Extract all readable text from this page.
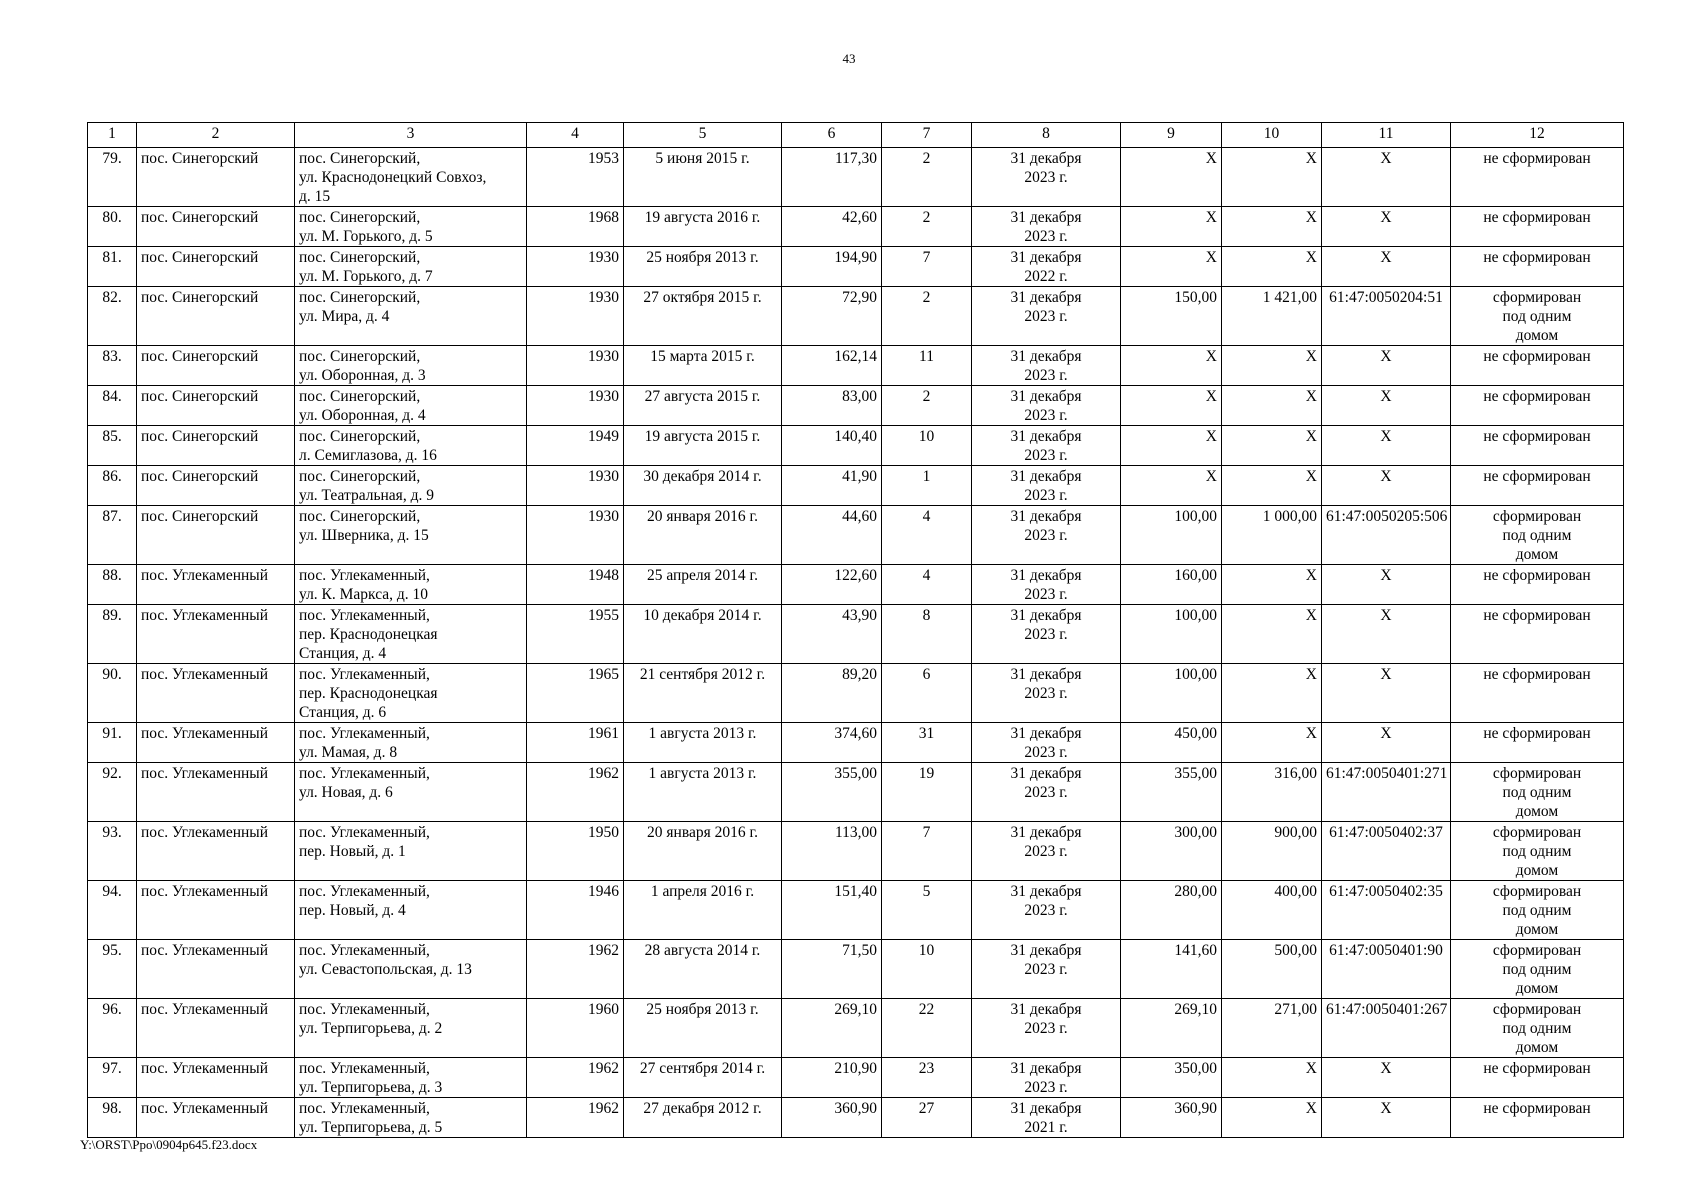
43
1	2	3	4	5	6	7	8	9	10	11	12
79.	пос. Синегорский	пос. Синегорский,
ул. Краснодонецкий Совхоз,
д. 15	1953	5 июня 2015 г.	117,30	2	31 декабря
2023 г.	X	X	X	не сформирован
80.	пос. Синегорский	пос. Синегорский,
ул. М. Горького, д. 5	1968	19 августа 2016 г.	42,60	2	31 декабря
2023 г.	X	X	X	не сформирован
81.	пос. Синегорский	пос. Синегорский,
ул. М. Горького, д. 7	1930	25 ноября 2013 г.	194,90	7	31 декабря
2022 г.	X	X	X	не сформирован
82.	пос. Синегорский	пос. Синегорский,
ул. Мира, д. 4	1930	27 октября 2015 г.	72,90	2	31 декабря
2023 г.	150,00	1 421,00	61:47:0050204:51	сформирован
под одним
домом
83.	пос. Синегорский	пос. Синегорский,
ул. Оборонная, д. 3	1930	15 марта 2015 г.	162,14	11	31 декабря
2023 г.	X	X	X	не сформирован
84.	пос. Синегорский	пос. Синегорский,
ул. Оборонная, д. 4	1930	27 августа 2015 г.	83,00	2	31 декабря
2023 г.	X	X	X	не сформирован
85.	пос. Синегорский	пос. Синегорский,
л. Семиглазова, д. 16	1949	19 августа 2015 г.	140,40	10	31 декабря
2023 г.	X	X	X	не сформирован
86.	пос. Синегорский	пос. Синегорский,
ул. Театральная, д. 9	1930	30 декабря 2014 г.	41,90	1	31 декабря
2023 г.	X	X	X	не сформирован
87.	пос. Синегорский	пос. Синегорский,
ул. Шверника, д. 15	1930	20 января 2016 г.	44,60	4	31 декабря
2023 г.	100,00	1 000,00	61:47:0050205:506	сформирован
под одним
домом
88.	пос. Углекаменный	пос. Углекаменный,
ул. К. Маркса, д. 10	1948	25 апреля 2014 г.	122,60	4	31 декабря
2023 г.	160,00	X	X	не сформирован
89.	пос. Углекаменный	пос. Углекаменный,
пер. Краснодонецкая
Станция, д. 4	1955	10 декабря 2014 г.	43,90	8	31 декабря
2023 г.	100,00	X	X	не сформирован
90.	пос. Углекаменный	пос. Углекаменный,
пер. Краснодонецкая
Станция, д. 6	1965	21 сентября 2012 г.	89,20	6	31 декабря
2023 г.	100,00	X	X	не сформирован
91.	пос. Углекаменный	пос. Углекаменный,
ул. Мамая, д. 8	1961	1 августа 2013 г.	374,60	31	31 декабря
2023 г.	450,00	X	X	не сформирован
92.	пос. Углекаменный	пос. Углекаменный,
ул. Новая, д. 6	1962	1 августа 2013 г.	355,00	19	31 декабря
2023 г.	355,00	316,00	61:47:0050401:271	сформирован
под одним
домом
93.	пос. Углекаменный	пос. Углекаменный,
пер. Новый, д. 1	1950	20 января 2016 г.	113,00	7	31 декабря
2023 г.	300,00	900,00	61:47:0050402:37	сформирован
под одним
домом
94.	пос. Углекаменный	пос. Углекаменный,
пер. Новый, д. 4	1946	1 апреля 2016 г.	151,40	5	31 декабря
2023 г.	280,00	400,00	61:47:0050402:35	сформирован
под одним
домом
95.	пос. Углекаменный	пос. Углекаменный,
ул. Севастопольская, д. 13	1962	28 августа 2014 г.	71,50	10	31 декабря
2023 г.	141,60	500,00	61:47:0050401:90	сформирован
под одним
домом
96.	пос. Углекаменный	пос. Углекаменный,
ул. Терпигорьева, д. 2	1960	25 ноября 2013 г.	269,10	22	31 декабря
2023 г.	269,10	271,00	61:47:0050401:267	сформирован
под одним
домом
97.	пос. Углекаменный	пос. Углекаменный,
ул. Терпигорьева, д. 3	1962	27 сентября 2014 г.	210,90	23	31 декабря
2023 г.	350,00	X	X	не сформирован
98.	пос. Углекаменный	пос. Углекаменный,
ул. Терпигорьева, д. 5	1962	27 декабря 2012 г.	360,90	27	31 декабря
2021 г.	360,90	X	X	не сформирован
Y:\ORST\Ppo\0904p645.f23.docx
